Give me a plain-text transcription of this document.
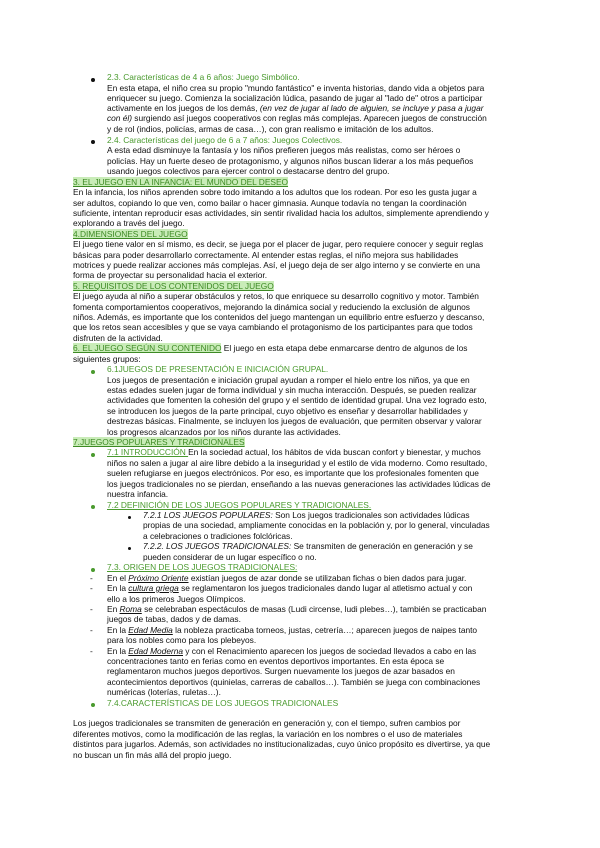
2.3. Características de 4 a 6 años: Juego Simbólico.
En esta etapa, el niño crea su propio "mundo fantástico" e inventa historias, dando vida a objetos para
enriquecer su juego. Comienza la socialización lúdica, pasando de jugar al "lado de" otros a participar
activamente en los juegos de los demás, (en vez de jugar al lado de alguien, se incluye y pasa a jugar
con él) surgiendo así juegos cooperativos con reglas más complejas. Aparecen juegos de construcción
y de rol (indios, policías, armas de casa…), con gran realismo e imitación de los adultos.
2.4. Características del juego de 6 a 7 años: Juegos Colectivos.
A esta edad disminuye la fantasía y los niños prefieren juegos más realistas, como ser héroes o
policías. Hay un fuerte deseo de protagonismo, y algunos niños buscan liderar a los más pequeños
usando juegos colectivos para ejercer control o destacarse dentro del grupo.
3. EL JUEGO EN LA INFANCIA: EL MUNDO DEL DESEO
En la infancia, los niños aprenden sobre todo imitando a los adultos que los rodean. Por eso les gusta jugar a
ser adultos, copiando lo que ven, como bailar o hacer gimnasia. Aunque todavía no tengan la coordinación
suficiente, intentan reproducir esas actividades, sin sentir rivalidad hacia los adultos, simplemente aprendiendo y
explorando a través del juego.
4.DIMENSIONES DEL JUEGO
El juego tiene valor en sí mismo, es decir, se juega por el placer de jugar, pero requiere conocer y seguir reglas
básicas para poder desarrollarlo correctamente. Al entender estas reglas, el niño mejora sus habilidades
motrices y puede realizar acciones más complejas. Así, el juego deja de ser algo interno y se convierte en una
forma de proyectar su personalidad hacia el exterior.
5. REQUISITOS DE LOS CONTENIDOS DEL JUEGO
El juego ayuda al niño a superar obstáculos y retos, lo que enriquece su desarrollo cognitivo y motor. También
fomenta comportamientos cooperativos, mejorando la dinámica social y reduciendo la exclusión de algunos
niños. Además, es importante que los contenidos del juego mantengan un equilibrio entre esfuerzo y descanso,
que los retos sean accesibles y que se vaya cambiando el protagonismo de los participantes para que todos
disfruten de la actividad.
6. EL JUEGO SEGÚN SU CONTENIDO El juego en esta etapa debe enmarcarse dentro de algunos de los
siguientes grupos:
6.1JUEGOS DE PRESENTACIÓN E INICIACIÓN GRUPAL.
Los juegos de presentación e iniciación grupal ayudan a romper el hielo entre los niños, ya que en
estas edades suelen jugar de forma individual y sin mucha interacción. Después, se pueden realizar
actividades que fomenten la cohesión del grupo y el sentido de identidad grupal. Una vez logrado esto,
se introducen los juegos de la parte principal, cuyo objetivo es enseñar y desarrollar habilidades y
destrezas básicas. Finalmente, se incluyen los juegos de evaluación, que permiten observar y valorar
los progresos alcanzados por los niños durante las actividades.
7.JUEGOS POPULARES Y TRADICIONALES
7.1 INTRODUCCIÓN En la sociedad actual, los hábitos de vida buscan confort y bienestar, y muchos
niños no salen a jugar al aire libre debido a la inseguridad y el estilo de vida moderno. Como resultado,
suelen refugiarse en juegos electrónicos. Por eso, es importante que los profesionales fomenten que
los juegos tradicionales no se pierdan, enseñando a las nuevas generaciones las actividades lúdicas de
nuestra infancia.
7.2 DEFINICIÓN DE LOS JUEGOS POPULARES Y TRADICIONALES.
7.2.1 LOS JUEGOS POPULARES: Son Los juegos tradicionales son actividades lúdicas
propias de una sociedad, ampliamente conocidas en la población y, por lo general, vinculadas
a celebraciones o tradiciones folclóricas.
7.2.2. LOS JUEGOS TRADICIONALES: Se transmiten de generación en generación y se
pueden considerar de un lugar específico o no.
7.3. ORIGEN DE LOS JUEGOS TRADICIONALES:
- En el Próximo Oriente existían juegos de azar donde se utilizaban fichas o bien dados para jugar.
- En la cultura griega se reglamentaron los juegos tradicionales dando lugar al atletismo actual y con
ello a los primeros Juegos Olímpicos.
- En Roma se celebraban espectáculos de masas (Ludi circense, ludi plebes…), también se practicaban
juegos de tabas, dados y de damas.
- En la Edad Media la nobleza practicaba torneos, justas, cetrería…; aparecen juegos de naipes tanto
para los nobles como para los plebeyos.
- En la Edad Moderna y con el Renacimiento aparecen los juegos de sociedad llevados a cabo en las
concentraciones tanto en ferias como en eventos deportivos importantes. En esta época se
reglamentaron muchos juegos deportivos. Surgen nuevamente los juegos de azar basados en
acontecimientos deportivos (quinielas, carreras de caballos…). También se juega con combinaciones
numéricas (loterías, ruletas…).
7.4.CARACTERÍSTICAS DE LOS JUEGOS TRADICIONALES
Los juegos tradicionales se transmiten de generación en generación y, con el tiempo, sufren cambios por
diferentes motivos, como la modificación de las reglas, la variación en los nombres o el uso de materiales
distintos para jugarlos. Además, son actividades no institucionalizadas, cuyo único propósito es divertirse, ya que
no buscan un fin más allá del propio juego.
